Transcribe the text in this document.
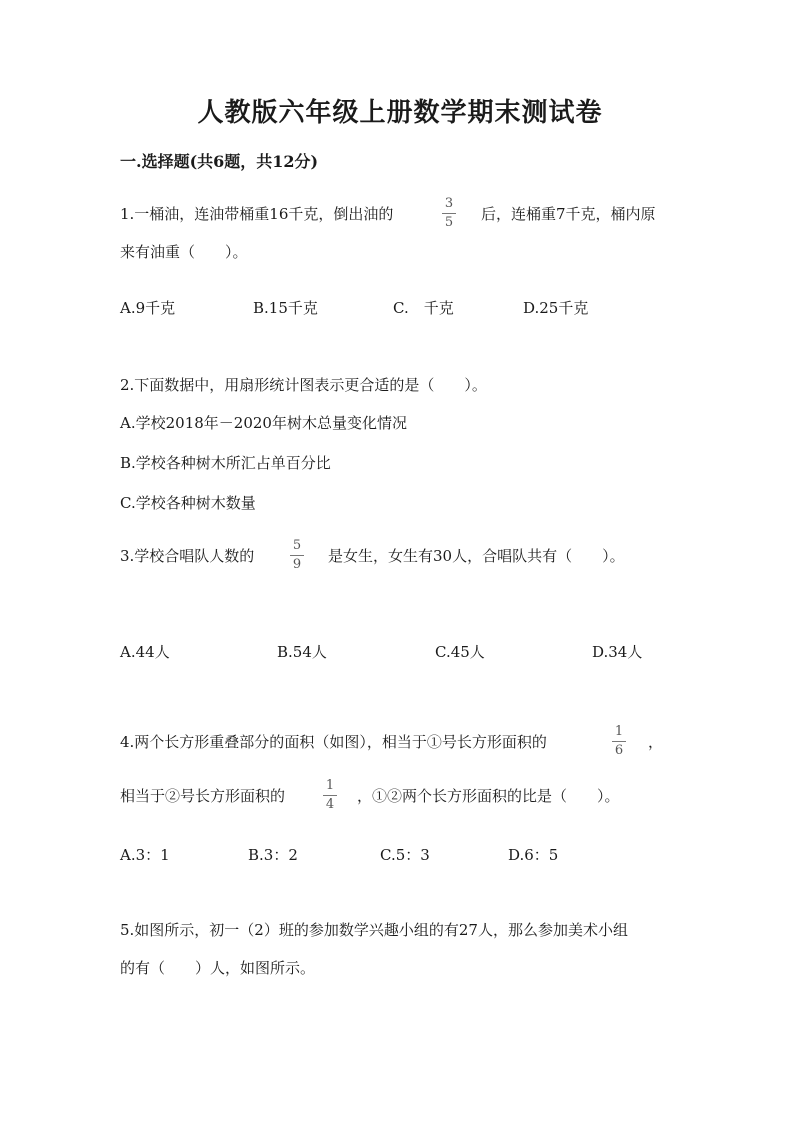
人教版六年级上册数学期末测试卷
一.选择题(共6题，共12分)
1.一桶油，连油带桶重16千克，倒出油的
3
5	后，连桶重7千克，桶内原
来有油重（　　）。
A.9千克	B.15千克	C.　千克	D.25千克
2.下面数据中，用扇形统计图表示更合适的是（　　）。
A.学校2018年－2020年树木总量变化情况
B.学校各种树木所汇占单百分比
C.学校各种树木数量
3.学校合唱队人数的
5
9	是女生，女生有30人，合唱队共有（　　）。
A.44人	B.54人	C.45人	D.34人
4.两个长方形重叠部分的面积（如图），相当于①号长方形面积的
1
6	，
相当于②号长方形面积的
1
4	，①②两个长方形面积的比是（　　）。
A.3：1	B.3：2	C.5：3	D.6：5
5.如图所示，初一（2）班的参加数学兴趣小组的有27人，那么参加美术小组
的有（　　）人，如图所示。
